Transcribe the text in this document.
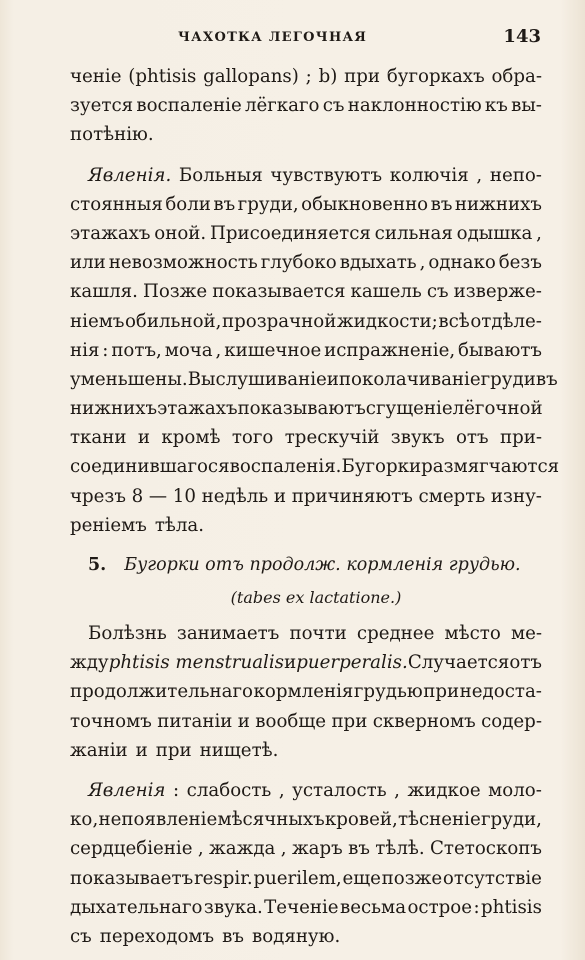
ЧАХОТКА ЛЕГОЧНАЯ	143
ченіе (phtisis gallopans) ; b) при бугоркахъ обра-
зуется воспаленіе лёгкаго съ наклонностію къ вы-
потѣнію.
Явленія. Больныя чувствуютъ колючія , непо-
стоянныя боли въ груди, обыкновенно въ нижнихъ
этажахъ оной. Присоединяется сильная одышка ,
или невозможность глубоко вдыхать , однако безъ
кашля. Позже показывается кашель съ изверже-
ніемъ обильной, прозрачной жидкости; всѣ отдѣле-
нія : потъ, моча , кишечное испражненіе, бываютъ
уменьшены. Выслушиваніе и поколачиваніе груди въ
нижнихъ этажахъ показываютъ сгущеніе лёгочной
ткани и кромѣ того трескучій звукъ отъ при-
соединившагося воспаленія. Бугорки размягчаются
чрезъ 8 — 10 недѣль и причиняютъ смерть изну-
реніемъ тѣла.
5. Бугорки отъ продолж. кормленія грудью.
(tabes ex lactatione.)
Болѣзнь занимаетъ почти среднее мѣсто ме-
жду phtisis menstrualis и puerperalis. Случается отъ
продолжительнаго кормленія грудью при недоста-
точномъ питаніи и вообще при скверномъ содер-
жаніи и при нищетѣ.
Явленія : слабость , усталость , жидкое моло-
ко , непоявленіе мѣсячныхъ кровей, тѣсненіе груди,
сердцебіеніе , жажда , жаръ въ тѣлѣ. Стетоскопъ
показываетъ respir. puerilem, еще позже отсутствіе
дыхательнаго звука. Теченіе весьма острое : phtisis
съ переходомъ въ водяную.
